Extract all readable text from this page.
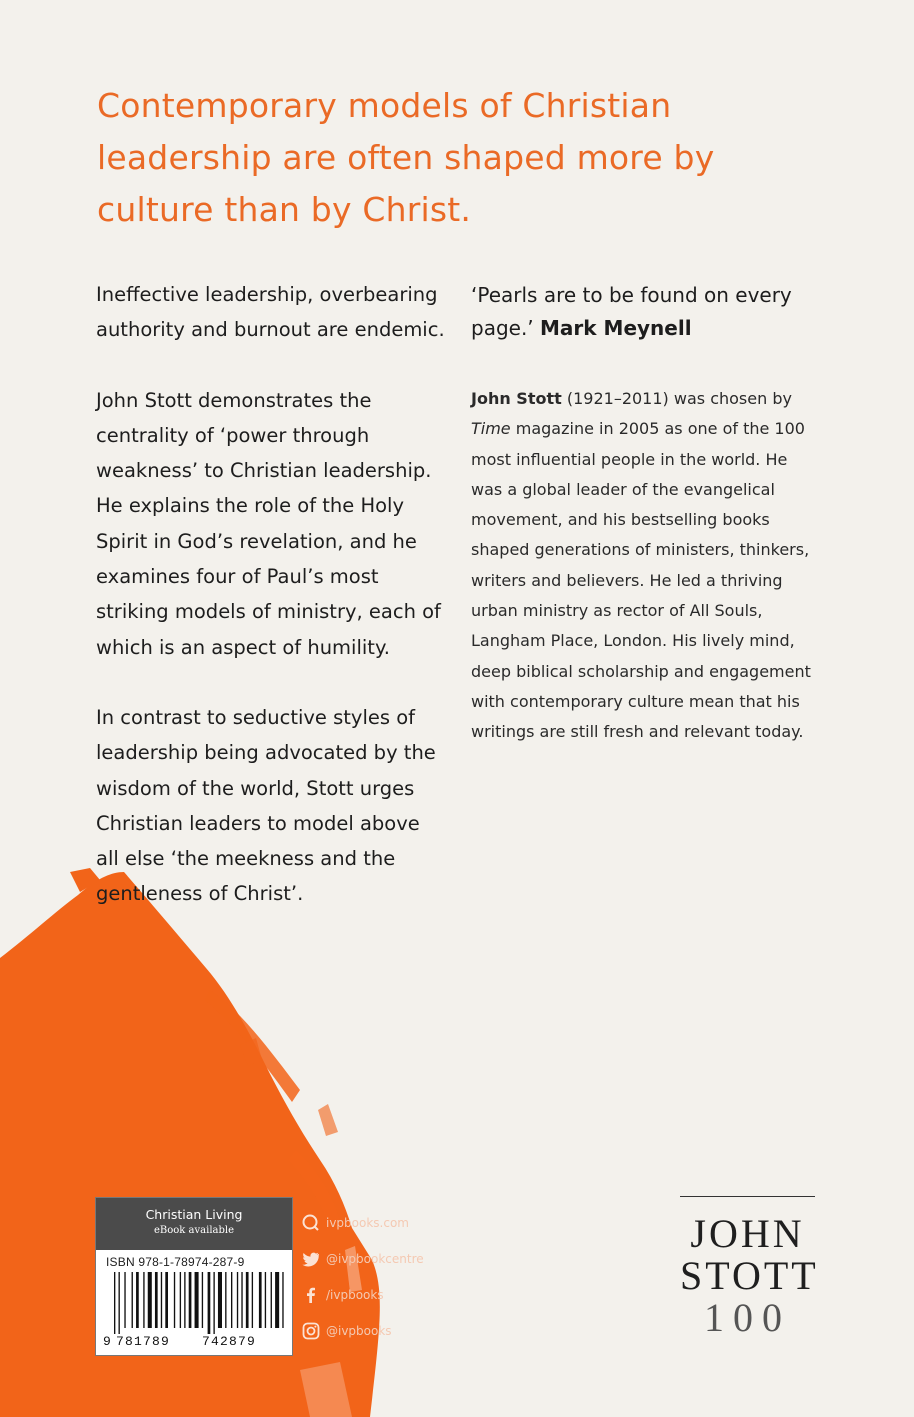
Contemporary models of Christian leadership are often shaped more by culture than by Christ.

Ineffective leadership, overbearing authority and burnout are endemic.

John Stott demonstrates the centrality of ‘power through weakness’ to Christian leadership. He explains the role of the Holy Spirit in God’s revelation, and he examines four of Paul’s most striking models of ministry, each of which is an aspect of humility.

In contrast to seductive styles of leadership being advocated by the wisdom of the world, Stott urges Christian leaders to model above all else ‘the meekness and the gentleness of Christ’.

‘Pearls are to be found on every page.’ Mark Meynell

John Stott (1921–2011) was chosen by Time magazine in 2005 as one of the 100 most influential people in the world. He was a global leader of the evangelical movement, and his bestselling books shaped generations of ministers, thinkers, writers and believers. He led a thriving urban ministry as rector of All Souls, Langham Place, London. His lively mind, deep biblical scholarship and engagement with contemporary culture mean that his writings are still fresh and relevant today.

Christian Living
eBook available
ISBN 978-1-78974-287-9
9 781789 742879
ivpbooks.com
@ivpbookcentre
/ivpbooks
@ivpbooks
JOHN
STOTT
100
